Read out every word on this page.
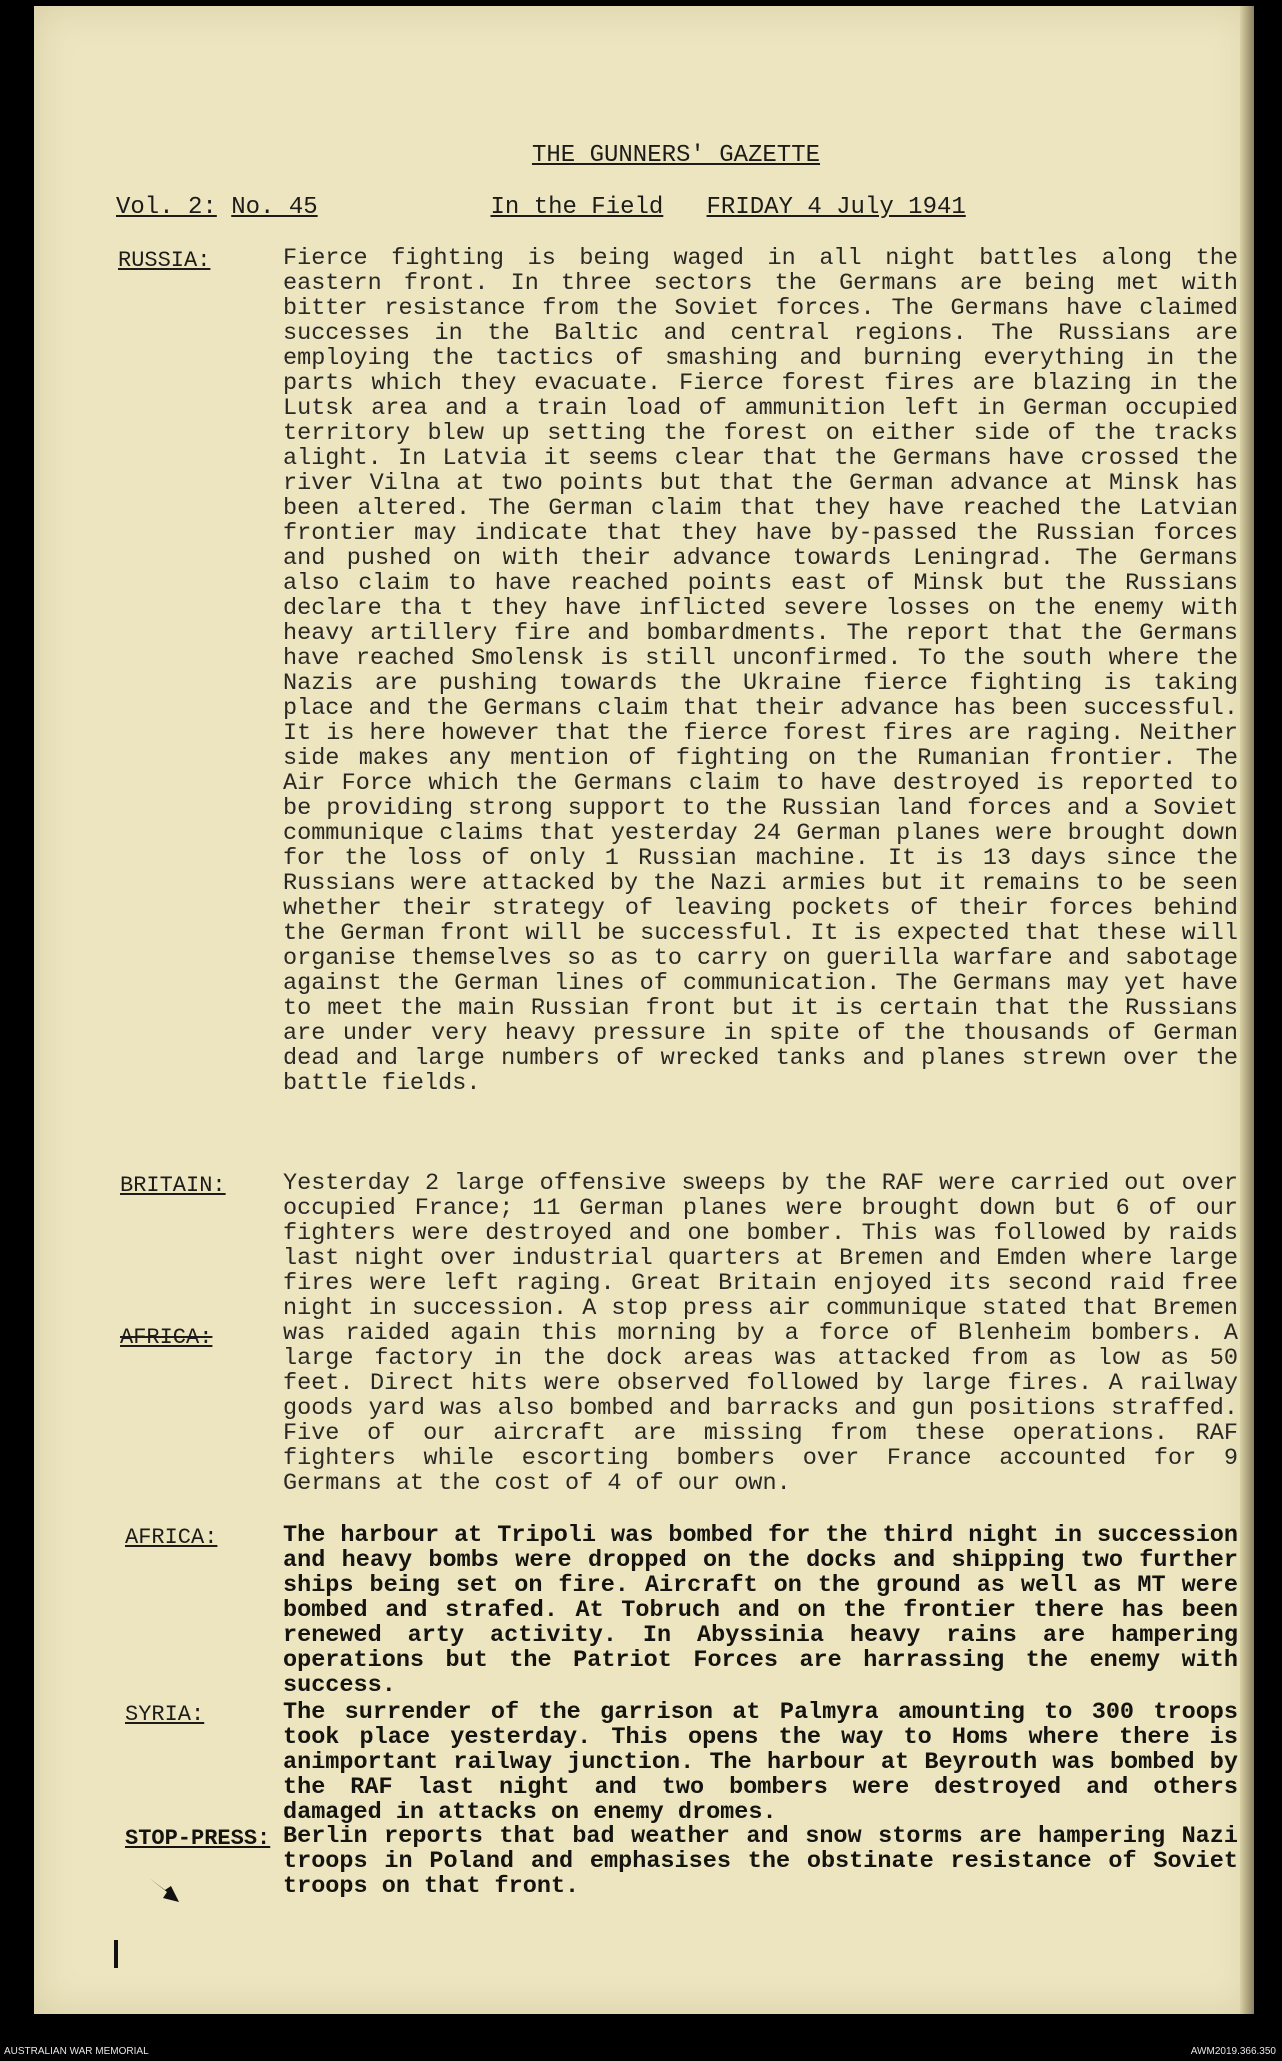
THE GUNNERS' GAZETTE
Vol. 2: No. 45	In the Field FRIDAY 4 July 1941
RUSSIA:	Fierce fighting is being waged in all night battles along the eastern front. In three sectors the Germans are being met with bitter resistance from the Soviet forces. The Germans have claimed successes in the Baltic and central regions. The Russians are employing the tactics of smashing and burning everything in the parts which they evacuate. Fierce forest fires are blazing in the Lutsk area and a train load of ammunition left in German occupied territory blew up setting the forest on either side of the tracks alight. In Latvia it seems clear that the Germans have crossed the river Vilna at two points but that the German advance at Minsk has been altered. The German claim that they have reached the Latvian frontier may indicate that they have by-passed the Russian forces and pushed on with their advance towards Leningrad. The Germans also claim to have reached points east of Minsk but the Russians declare tha t they have inflicted severe losses on the enemy with heavy artillery fire and bombardments. The report that the Germans have reached Smolensk is still unconfirmed. To the south where the Nazis are pushing towards the Ukraine fierce fighting is taking place and the Germans claim that their advance has been successful. It is here however that the fierce forest fires are raging. Neither side makes any mention of fighting on the Rumanian frontier. The Air Force which the Germans claim to have destroyed is reported to be providing strong support to the Russian land forces and a Soviet communique claims that yesterday 24 German planes were brought down for the loss of only 1 Russian machine. It is 13 days since the Russians were attacked by the Nazi armies but it remains to be seen whether their strategy of leaving pockets of their forces behind the German front will be successful. It is expected that these will organise themselves so as to carry on guerilla warfare and sabotage against the German lines of communication. The Germans may yet have to meet the main Russian front but it is certain that the Russians are under very heavy pressure in spite of the thousands of German dead and large numbers of wrecked tanks and planes strewn over the battle fields.

BRITAIN: Yesterday 2 large offensive sweeps by the RAF were carried out over occupied France; 11 German planes were brought down but 6 of our fighters were destroyed and one bomber. This was followed by raids last night over industrial quarters at Bremen and Emden where large fires were left raging. Great Britain enjoyed its second raid free night in succession. A stop press air communique stated that Bremen was raided again this morning by a force of Blenheim bombers. A large factory in the dock areas was attacked from as low as 50 feet. Direct hits were observed followed by large fires. A railway goods yard was also bombed and barracks and gun positions straffed. Five of our aircraft are missing from these operations. RAF fighters while escorting bombers over France accounted for 9 Germans at the cost of 4 of our own.

AFRICA:
AFRICA:	The harbour at Tripoli was bombed for the third night in succession and heavy bombs were dropped on the docks and shipping two further ships being set on fire. Aircraft on the ground as well as MT were bombed and strafed. At Tobruch and on the frontier there has been renewed arty activity. In Abyssinia heavy rains are hampering operations but the Patriot Forces are harrassing the enemy with success.

SYRIA:	The surrender of the garrison at Palmyra amounting to 300 troops took place yesterday. This opens the way to Homs where there is animportant railway junction. The harbour at Beyrouth was bombed by the RAF last night and two bombers were destroyed and others damaged in attacks on enemy dromes.

STOP-PRESS: Berlin reports that bad weather and snow storms are hampering Nazi troops in Poland and emphasises the obstinate resistance of Soviet troops on that front.

AUSTRALIAN WAR MEMORIAL	AWM2019.366.350
